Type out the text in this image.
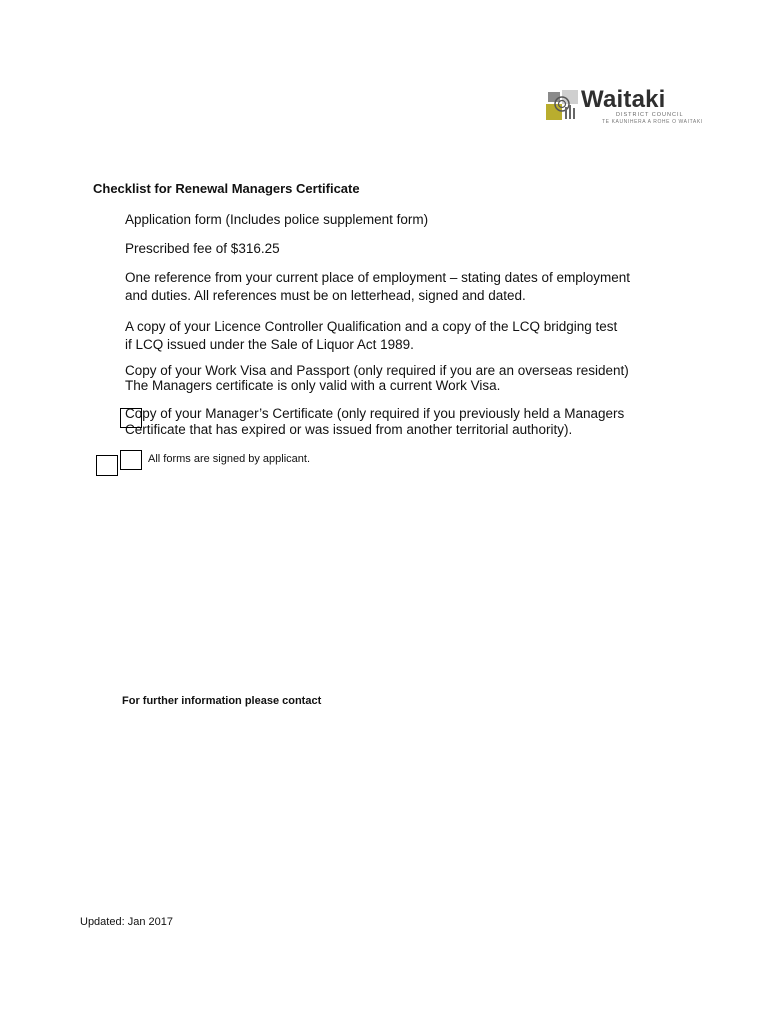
Waitaki
DISTRICT COUNCIL
TE KAUNIHERA A ROHE O WAITAKI
Checklist for Renewal Managers Certificate
Application form (Includes police supplement form)
Prescribed fee of $316.25
One reference from your current place of employment – stating dates of employment
and duties. All references must be on letterhead, signed and dated.
A copy of your Licence Controller Qualification and a copy of the LCQ bridging test
if LCQ issued under the Sale of Liquor Act 1989.
Copy of your Work Visa and Passport (only required if you are an overseas resident)
The Managers certificate is only valid with a current Work Visa.
Copy of your Manager’s Certificate (only required if you previously held a Managers
Certificate that has expired or was issued from another territorial authority).
All forms are signed by applicant.
For further information please contact
Updated: Jan 2017
